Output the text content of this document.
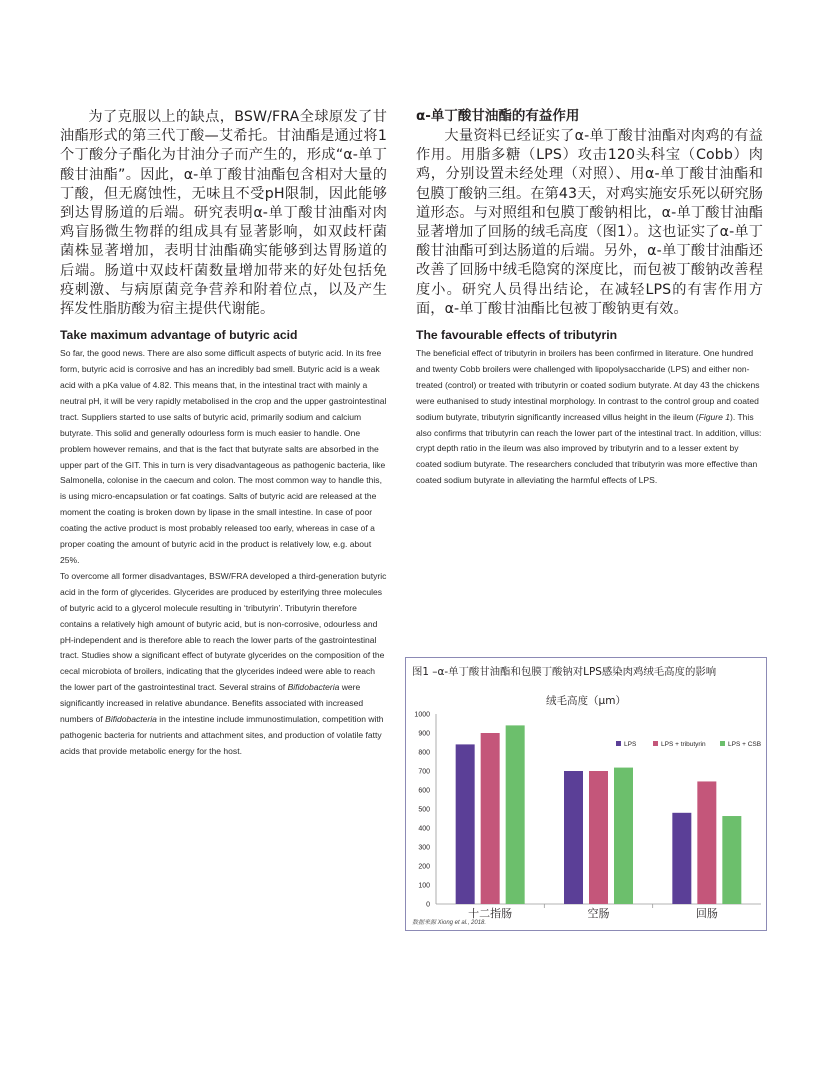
为了克服以上的缺点，BSW/FRA全球原发了甘油酯形式的第三代丁酸—艾希托。甘油酯是通过将1个丁酸分子酯化为甘油分子而产生的，形成“α-单丁酸甘油酯”。因此，α-单丁酸甘油酯包含相对大量的丁酸，但无腐蚀性，无味且不受pH限制，因此能够到达胃肠道的后端。研究表明α-单丁酸甘油酯对肉鸡盲肠微生物群的组成具有显著影响，如双歧杆菌菌株显著增加，表明甘油酯确实能够到达胃肠道的后端。肠道中双歧杆菌数量增加带来的好处包括免疫刺激、与病原菌竞争营养和附着位点，以及产生挥发性脂肪酸为宿主提供代谢能。

Take maximum advantage of butyric acid

So far, the good news. There are also some difficult aspects of butyric acid. In its free form, butyric acid is corrosive and has an incredibly bad smell. Butyric acid is a weak acid with a pKa value of 4.82. This means that, in the intestinal tract with mainly a neutral pH, it will be very rapidly metabolised in the crop and the upper gastrointestinal tract. Suppliers started to use salts of butyric acid, primarily sodium and calcium butyrate. This solid and generally odourless form is much easier to handle. One problem however remains, and that is the fact that butyrate salts are absorbed in the upper part of the GIT. This in turn is very disadvantageous as pathogenic bacteria, like Salmonella, colonise in the caecum and colon. The most common way to handle this, is using micro-encapsulation or fat coatings. Salts of butyric acid are released at the moment the coating is broken down by lipase in the small intestine. In case of poor coating the active product is most probably released too early, whereas in case of a proper coating the amount of butyric acid in the product is relatively low, e.g. about 25%.

To overcome all former disadvantages, BSW/FRA developed a third-generation butyric acid in the form of glycerides. Glycerides are produced by esterifying three molecules of butyric acid to a glycerol molecule resulting in ‘tributyrin’. Tributyrin therefore contains a relatively high amount of butyric acid, but is non-corrosive, odourless and pH-independent and is therefore able to reach the lower parts of the gastrointestinal tract. Studies show a significant effect of butyrate glycerides on the composition of the cecal microbiota of broilers, indicating that the glycerides indeed were able to reach the lower part of the gastrointestinal tract. Several strains of Bifidobacteria were significantly increased in relative abundance. Benefits associated with increased numbers of Bifidobacteria in the intestine include immunostimulation, competition with pathogenic bacteria for nutrients and attachment sites, and production of volatile fatty acids that provide metabolic energy for the host.

α-单丁酸甘油酯的有益作用

大量资料已经证实了α-单丁酸甘油酯对肉鸡的有益作用。用脂多糖（LPS）攻击120头科宝（Cobb）肉鸡，分别设置未经处理（对照）、用α-单丁酸甘油酯和包膜丁酸钠三组。在第43天，对鸡实施安乐死以研究肠道形态。与对照组和包膜丁酸钠相比，α-单丁酸甘油酯显著增加了回肠的绒毛高度（图1）。这也证实了α-单丁酸甘油酯可到达肠道的后端。另外，α-单丁酸甘油酯还改善了回肠中绒毛隐窝的深度比，而包被丁酸钠改善程度小。研究人员得出结论，在减轻LPS的有害作用方面，α-单丁酸甘油酯比包被丁酸钠更有效。

The favourable effects of tributyrin

The beneficial effect of tributyrin in broilers has been confirmed in literature. One hundred and twenty Cobb broilers were challenged with lipopolysaccharide (LPS) and either non-treated (control) or treated with tributyrin or coated sodium butyrate. At day 43 the chickens were euthanised to study intestinal morphology. In contrast to the control group and coated sodium butyrate, tributyrin significantly increased villus height in the ileum (Figure 1). This also confirms that tributyrin can reach the lower part of the intestinal tract. In addition, villus: crypt depth ratio in the ileum was also improved by tributyrin and to a lesser extent by coated sodium butyrate. The researchers concluded that tributyrin was more effective than coated sodium butyrate in alleviating the harmful effects of LPS.

图1 –α-单丁酸甘油酯和包膜丁酸钠对LPS感染肉鸡绒毛高度的影响
绒毛高度（μm）
0
100
200
300
400
500
600
700
800
900
1000
十二指肠	空肠	回肠
LPS	LPS + tributyrin	LPS + CSB
数据来源 Xiong et al., 2018.
